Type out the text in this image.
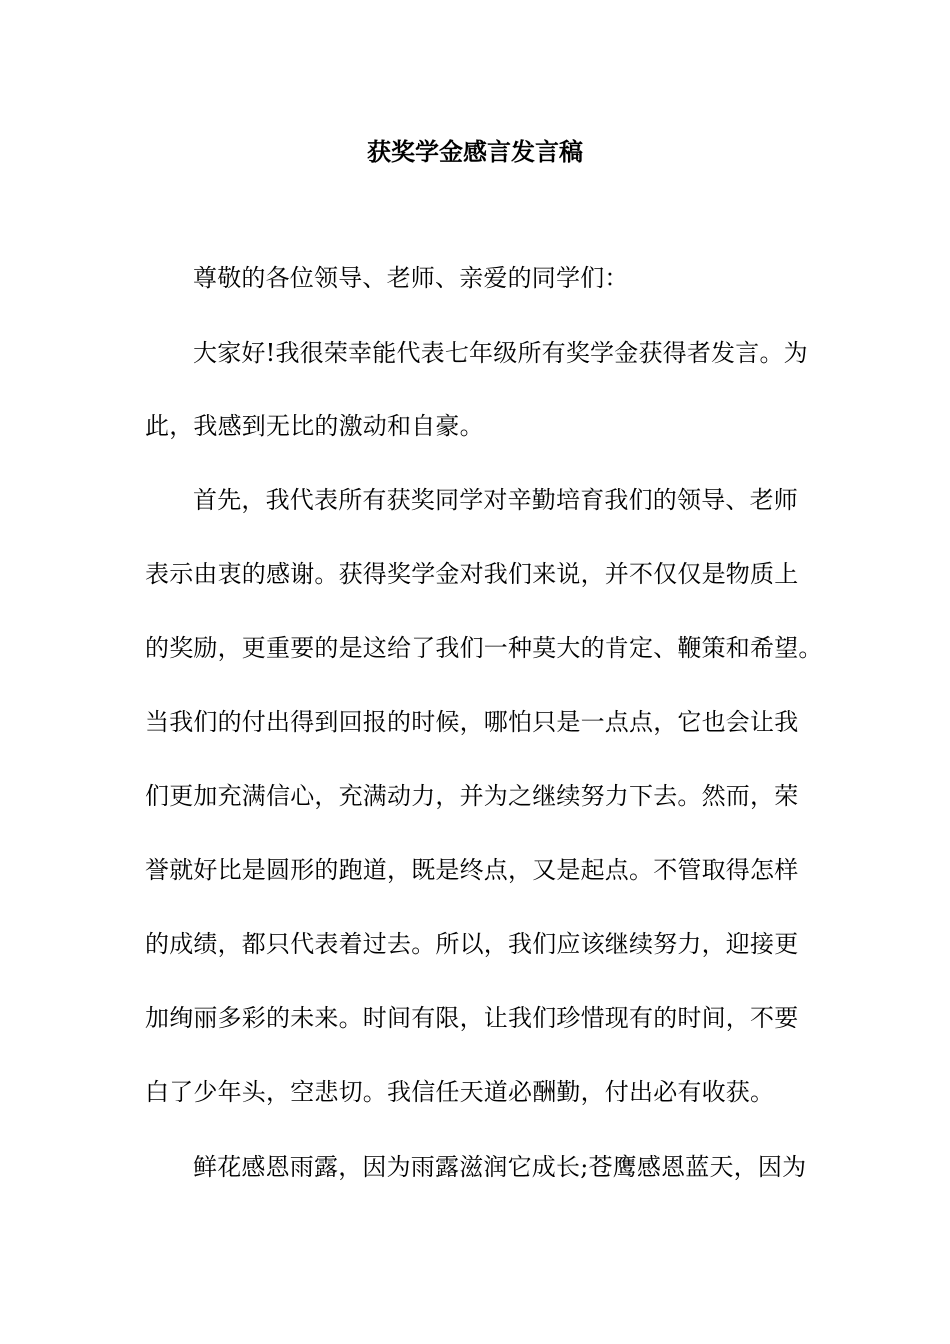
获奖学金感言发言稿
尊敬的各位领导、老师、亲爱的同学们：
大家好!我很荣幸能代表七年级所有奖学金获得者发言。为
此，我感到无比的激动和自豪。
首先，我代表所有获奖同学对辛勤培育我们的领导、老师
表示由衷的感谢。获得奖学金对我们来说，并不仅仅是物质上
的奖励，更重要的是这给了我们一种莫大的肯定、鞭策和希望。
当我们的付出得到回报的时候，哪怕只是一点点，它也会让我
们更加充满信心，充满动力，并为之继续努力下去。然而，荣
誉就好比是圆形的跑道，既是终点，又是起点。不管取得怎样
的成绩，都只代表着过去。所以，我们应该继续努力，迎接更
加绚丽多彩的未来。时间有限，让我们珍惜现有的时间，不要
白了少年头，空悲切。我信任天道必酬勤，付出必有收获。
鲜花感恩雨露，因为雨露滋润它成长;苍鹰感恩蓝天，因为
